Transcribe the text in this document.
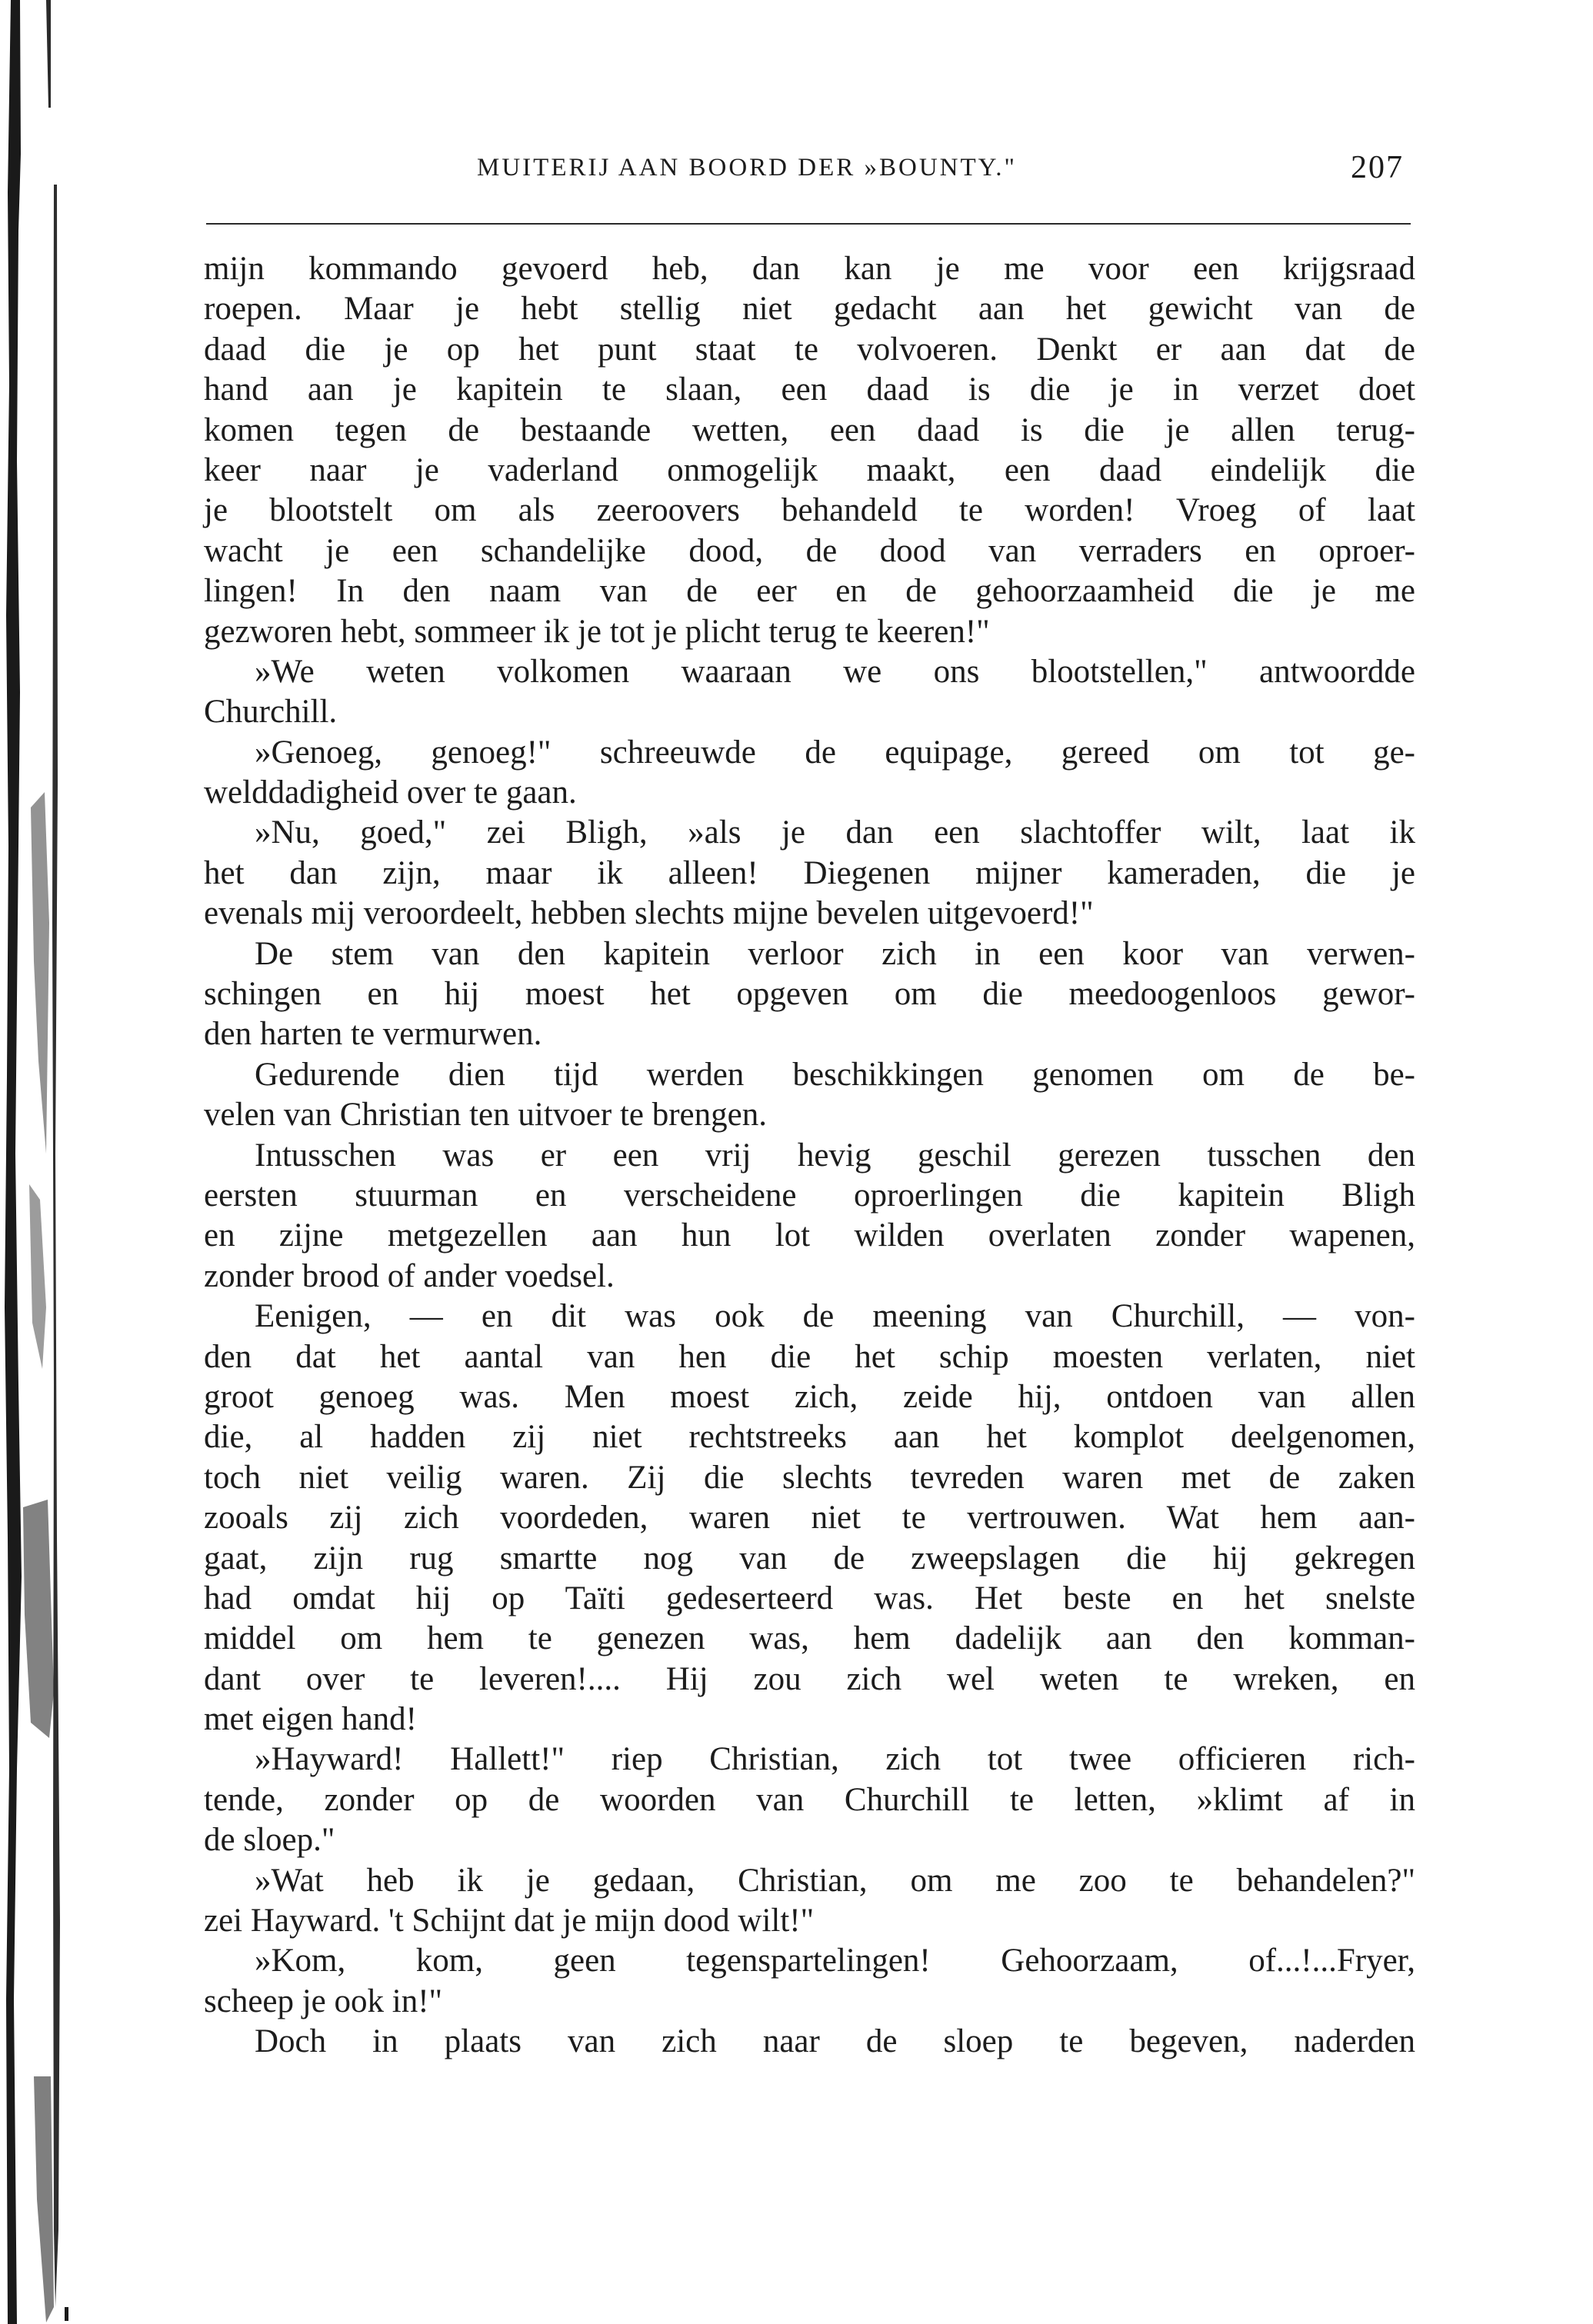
MUITERIJ AAN BOORD DER »BOUNTY."	207
mijn kommando gevoerd heb, dan kan je me voor een krijgsraad
roepen. Maar je hebt stellig niet gedacht aan het gewicht van de
daad die je op het punt staat te volvoeren. Denkt er aan dat de
hand aan je kapitein te slaan, een daad is die je in verzet doet
komen tegen de bestaande wetten, een daad is die je allen terug-
keer naar je vaderland onmogelijk maakt, een daad eindelijk die
je blootstelt om als zeeroovers behandeld te worden! Vroeg of laat
wacht je een schandelijke dood, de dood van verraders en oproer-
lingen! In den naam van de eer en de gehoorzaamheid die je me
gezworen hebt, sommeer ik je tot je plicht terug te keeren!"
»We weten volkomen waaraan we ons blootstellen," antwoordde
Churchill.
»Genoeg, genoeg!" schreeuwde de equipage, gereed om tot ge-
welddadigheid over te gaan.
»Nu, goed," zei Bligh, »als je dan een slachtoffer wilt, laat ik
het dan zijn, maar ik alleen! Diegenen mijner kameraden, die je
evenals mij veroordeelt, hebben slechts mijne bevelen uitgevoerd!"
De stem van den kapitein verloor zich in een koor van verwen-
schingen en hij moest het opgeven om die meedoogenloos gewor-
den harten te vermurwen.
Gedurende dien tijd werden beschikkingen genomen om de be-
velen van Christian ten uitvoer te brengen.
Intusschen was er een vrij hevig geschil gerezen tusschen den
eersten stuurman en verscheidene oproerlingen die kapitein Bligh
en zijne metgezellen aan hun lot wilden overlaten zonder wapenen,
zonder brood of ander voedsel.
Eenigen, — en dit was ook de meening van Churchill, — von-
den dat het aantal van hen die het schip moesten verlaten, niet
groot genoeg was. Men moest zich, zeide hij, ontdoen van allen
die, al hadden zij niet rechtstreeks aan het komplot deelgenomen,
toch niet veilig waren. Zij die slechts tevreden waren met de zaken
zooals zij zich voordeden, waren niet te vertrouwen. Wat hem aan-
gaat, zijn rug smartte nog van de zweepslagen die hij gekregen
had omdat hij op Taïti gedeserteerd was. Het beste en het snelste
middel om hem te genezen was, hem dadelijk aan den komman-
dant over te leveren!.... Hij zou zich wel weten te wreken, en
met eigen hand!
»Hayward! Hallett!" riep Christian, zich tot twee officieren rich-
tende, zonder op de woorden van Churchill te letten, »klimt af in
de sloep."
»Wat heb ik je gedaan, Christian, om me zoo te behandelen?"
zei Hayward. 't Schijnt dat je mijn dood wilt!"
»Kom, kom, geen tegenspartelingen! Gehoorzaam, of...!...Fryer,
scheep je ook in!"
Doch in plaats van zich naar de sloep te begeven, naderden
